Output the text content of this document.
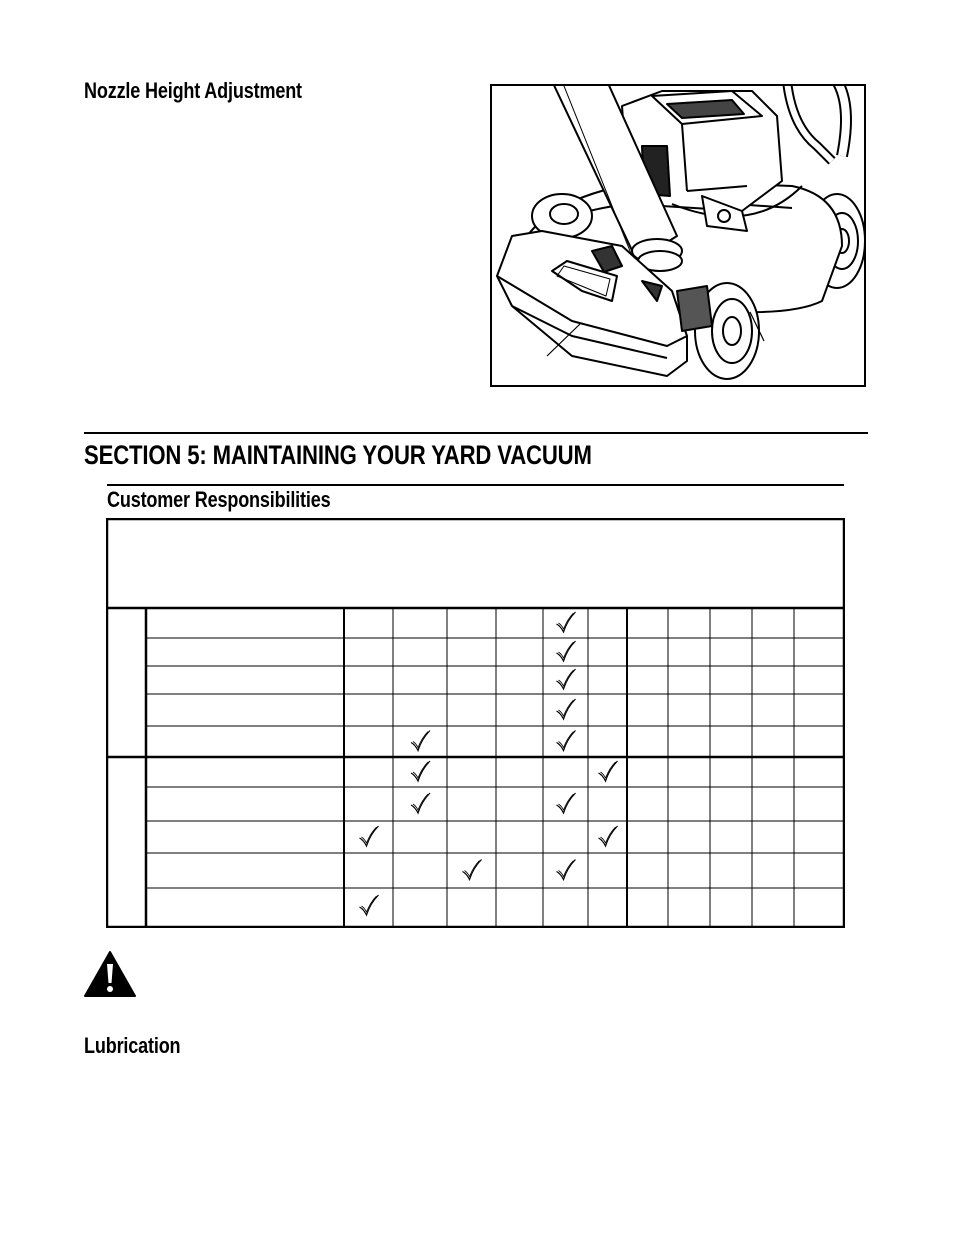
Nozzle Height Adjustment
SECTION 5: MAINTAINING YOUR YARD VACUUM
Customer Responsibilities
Lubrication
